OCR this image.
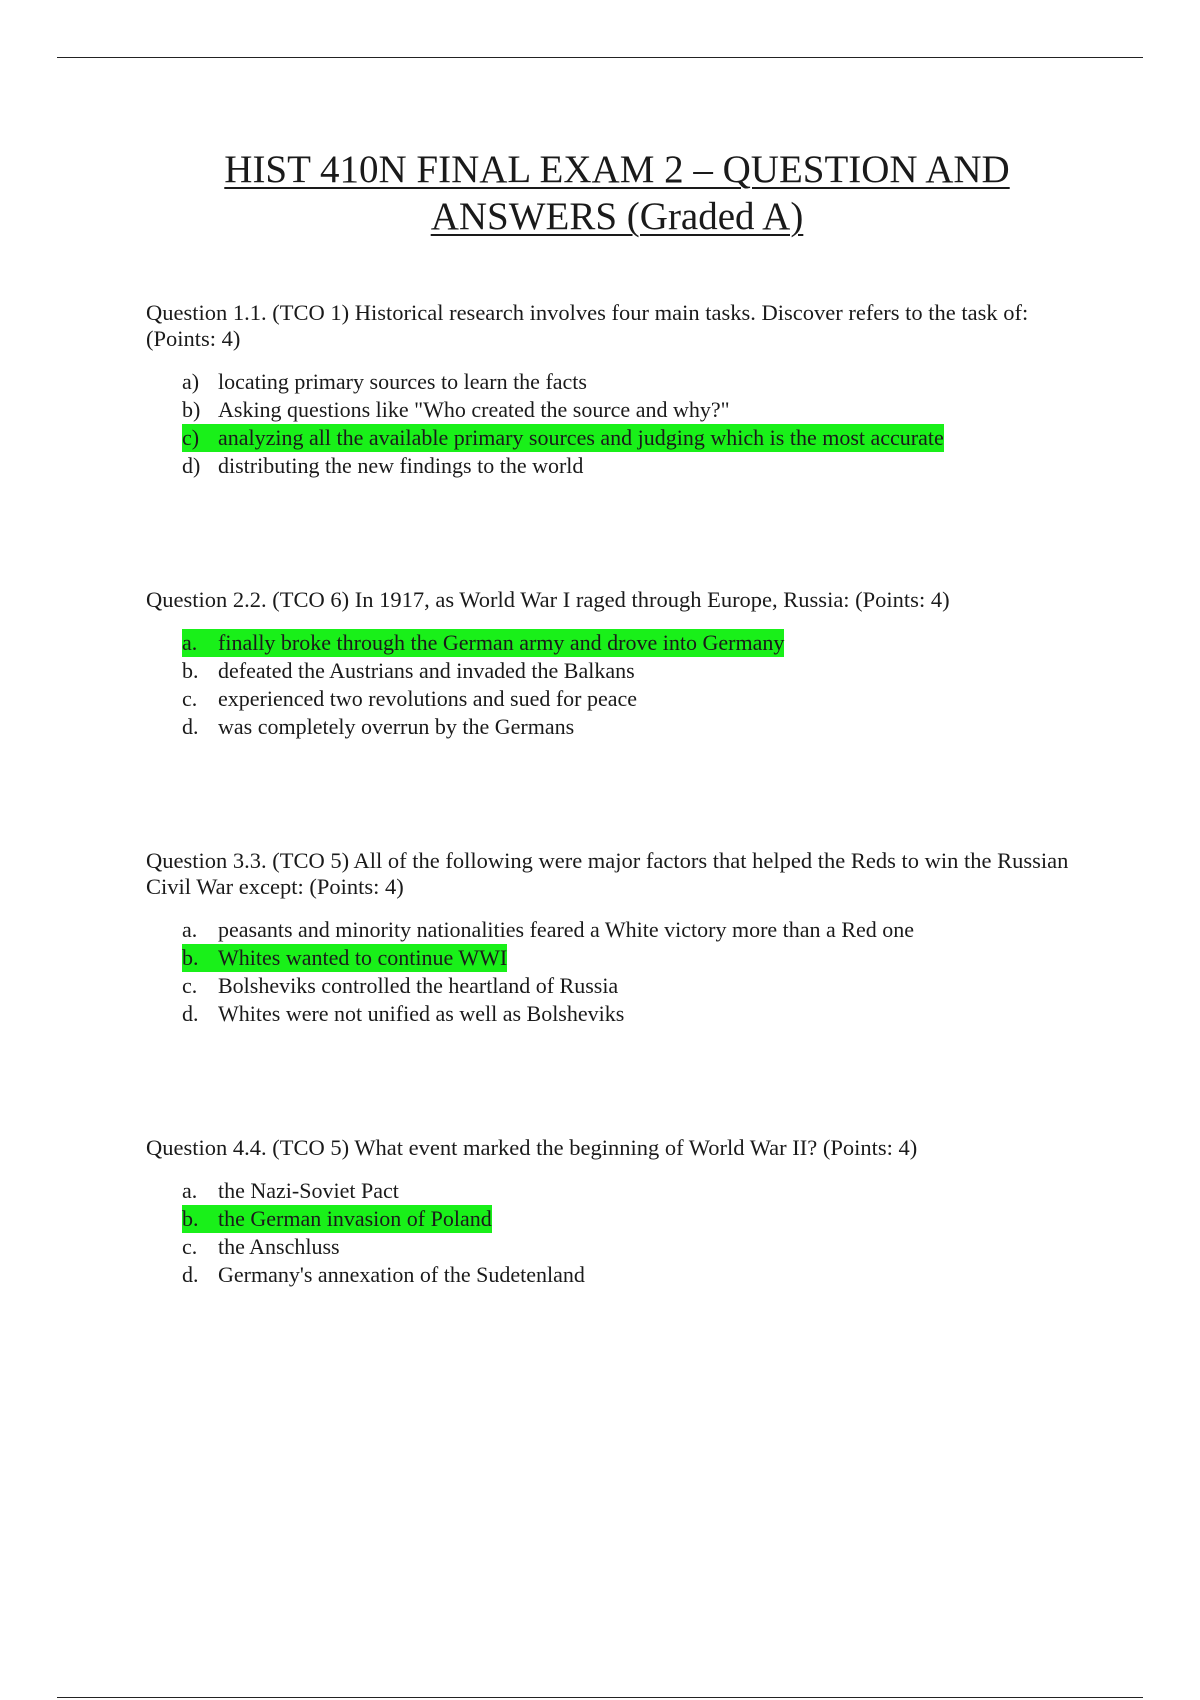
HIST 410N FINAL EXAM 2 – QUESTION AND
ANSWERS (Graded A)

Question 1.1. (TCO 1) Historical research involves four main tasks. Discover refers to the task of: (Points: 4)

a) locating primary sources to learn the facts
b) Asking questions like "Who created the source and why?"
c) analyzing all the available primary sources and judging which is the most accurate
d) distributing the new findings to the world

Question 2.2. (TCO 6) In 1917, as World War I raged through Europe, Russia: (Points: 4)

a. finally broke through the German army and drove into Germany
b. defeated the Austrians and invaded the Balkans
c. experienced two revolutions and sued for peace
d. was completely overrun by the Germans

Question 3.3. (TCO 5) All of the following were major factors that helped the Reds to win the Russian Civil War except: (Points: 4)

a. peasants and minority nationalities feared a White victory more than a Red one
b. Whites wanted to continue WWI
c. Bolsheviks controlled the heartland of Russia
d. Whites were not unified as well as Bolsheviks

Question 4.4. (TCO 5) What event marked the beginning of World War II? (Points: 4)

a. the Nazi-Soviet Pact
b. the German invasion of Poland
c. the Anschluss
d. Germany's annexation of the Sudetenland
